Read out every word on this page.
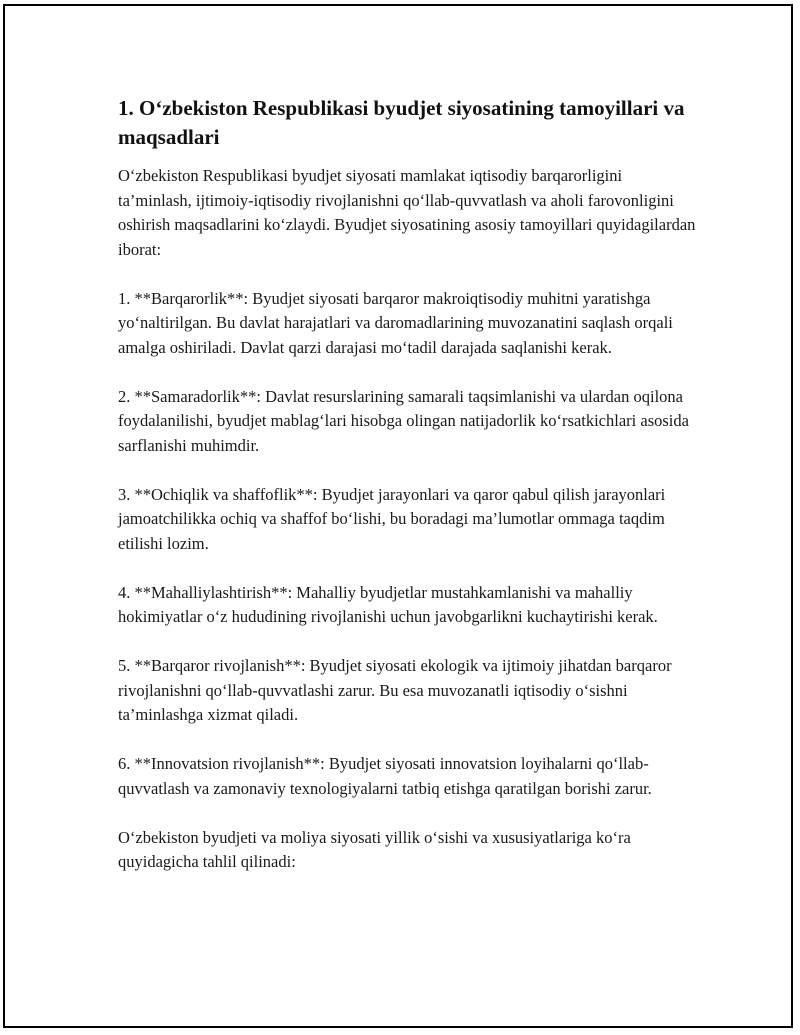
1. O‘zbekiston Respublikasi byudjet siyosatining tamoyillari va maqsadlari

O‘zbekiston Respublikasi byudjet siyosati mamlakat iqtisodiy barqarorligini ta’minlash, ijtimoiy-iqtisodiy rivojlanishni qo‘llab-quvvatlash va aholi farovonligini oshirish maqsadlarini ko‘zlaydi. Byudjet siyosatining asosiy tamoyillari quyidagilardan iborat:

1. **Barqarorlik**: Byudjet siyosati barqaror makroiqtisodiy muhitni yaratishga yo‘naltirilgan. Bu davlat harajatlari va daromadlarining muvozanatini saqlash orqali amalga oshiriladi. Davlat qarzi darajasi mo‘tadil darajada saqlanishi kerak.

2. **Samaradorlik**: Davlat resurslarining samarali taqsimlanishi va ulardan oqilona foydalanilishi, byudjet mablag‘lari hisobga olingan natijadorlik ko‘rsatkichlari asosida sarflanishi muhimdir.

3. **Ochiqlik va shaffoflik**: Byudjet jarayonlari va qaror qabul qilish jarayonlari jamoatchilikka ochiq va shaffof bo‘lishi, bu boradagi ma’lumotlar ommaga taqdim etilishi lozim.

4. **Mahalliylashtirish**: Mahalliy byudjetlar mustahkamlanishi va mahalliy hokimiyatlar o‘z hududining rivojlanishi uchun javobgarlikni kuchaytirishi kerak.

5. **Barqaror rivojlanish**: Byudjet siyosati ekologik va ijtimoiy jihatdan barqaror rivojlanishni qo‘llab-quvvatlashi zarur. Bu esa muvozanatli iqtisodiy o‘sishni ta’minlashga xizmat qiladi.

6. **Innovatsion rivojlanish**: Byudjet siyosati innovatsion loyihalarni qo‘llab-quvvatlash va zamonaviy texnologiyalarni tatbiq etishga qaratilgan borishi zarur.

O‘zbekiston byudjeti va moliya siyosati yillik o‘sishi va xususiyatlariga ko‘ra quyidagicha tahlil qilinadi:
